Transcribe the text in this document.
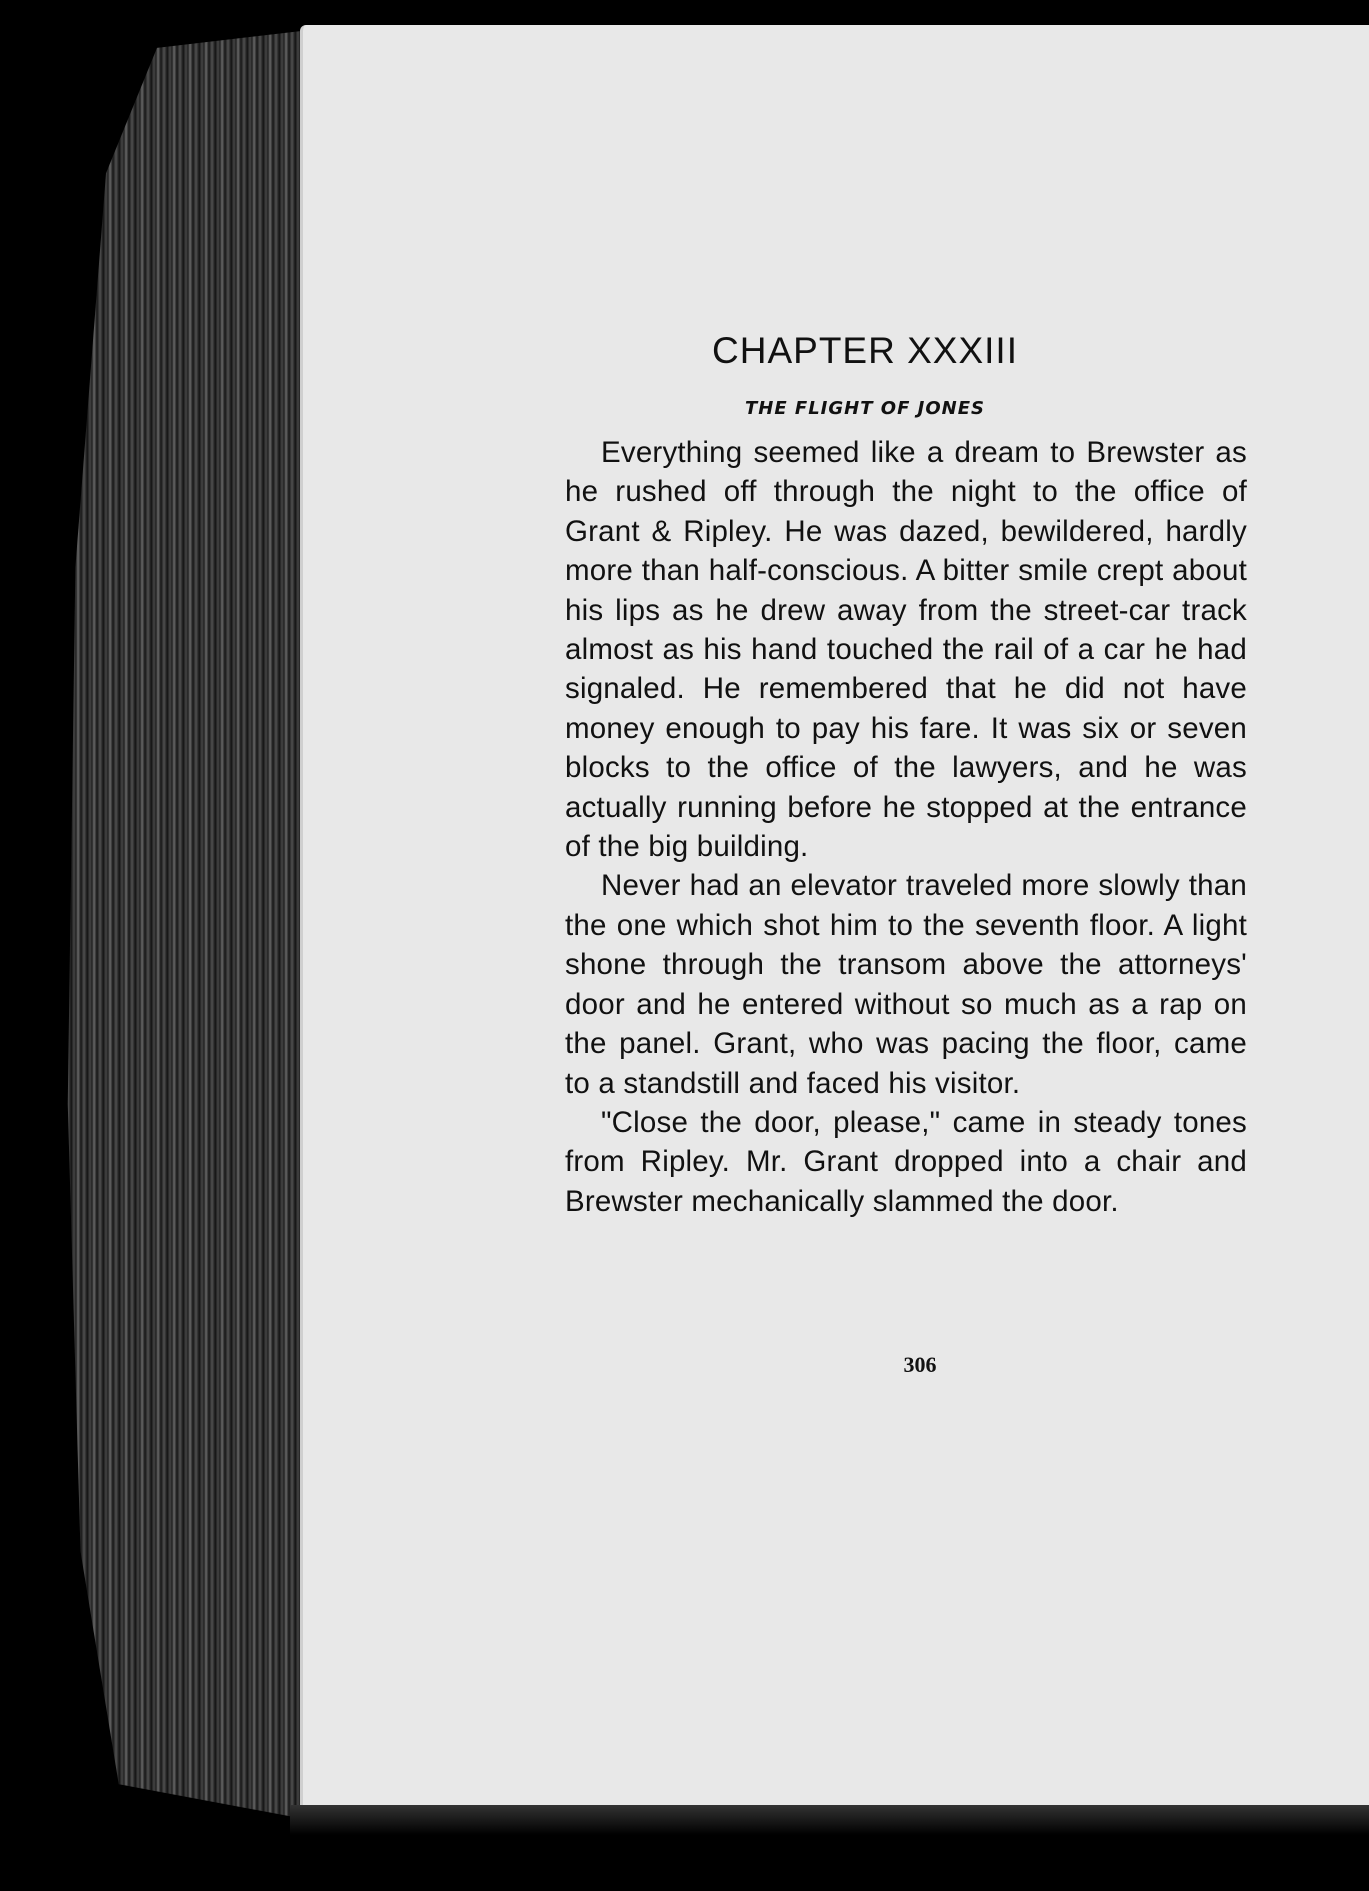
CHAPTER XXXIII
THE FLIGHT OF JONES

Everything seemed like a dream to Brewster as he rushed off through the night to the office of Grant & Ripley. He was dazed, bewildered, hardly more than half-conscious. A bitter smile crept about his lips as he drew away from the street-car track almost as his hand touched the rail of a car he had signaled. He remembered that he did not have money enough to pay his fare. It was six or seven blocks to the office of the lawyers, and he was actually running before he stopped at the entrance of the big building.

Never had an elevator traveled more slowly than the one which shot him to the seventh floor. A light shone through the transom above the attorneys' door and he entered without so much as a rap on the panel. Grant, who was pacing the floor, came to a standstill and faced his visitor.

"Close the door, please," came in steady tones from Ripley. Mr. Grant dropped into a chair and Brewster mechanically slammed the door.

306
